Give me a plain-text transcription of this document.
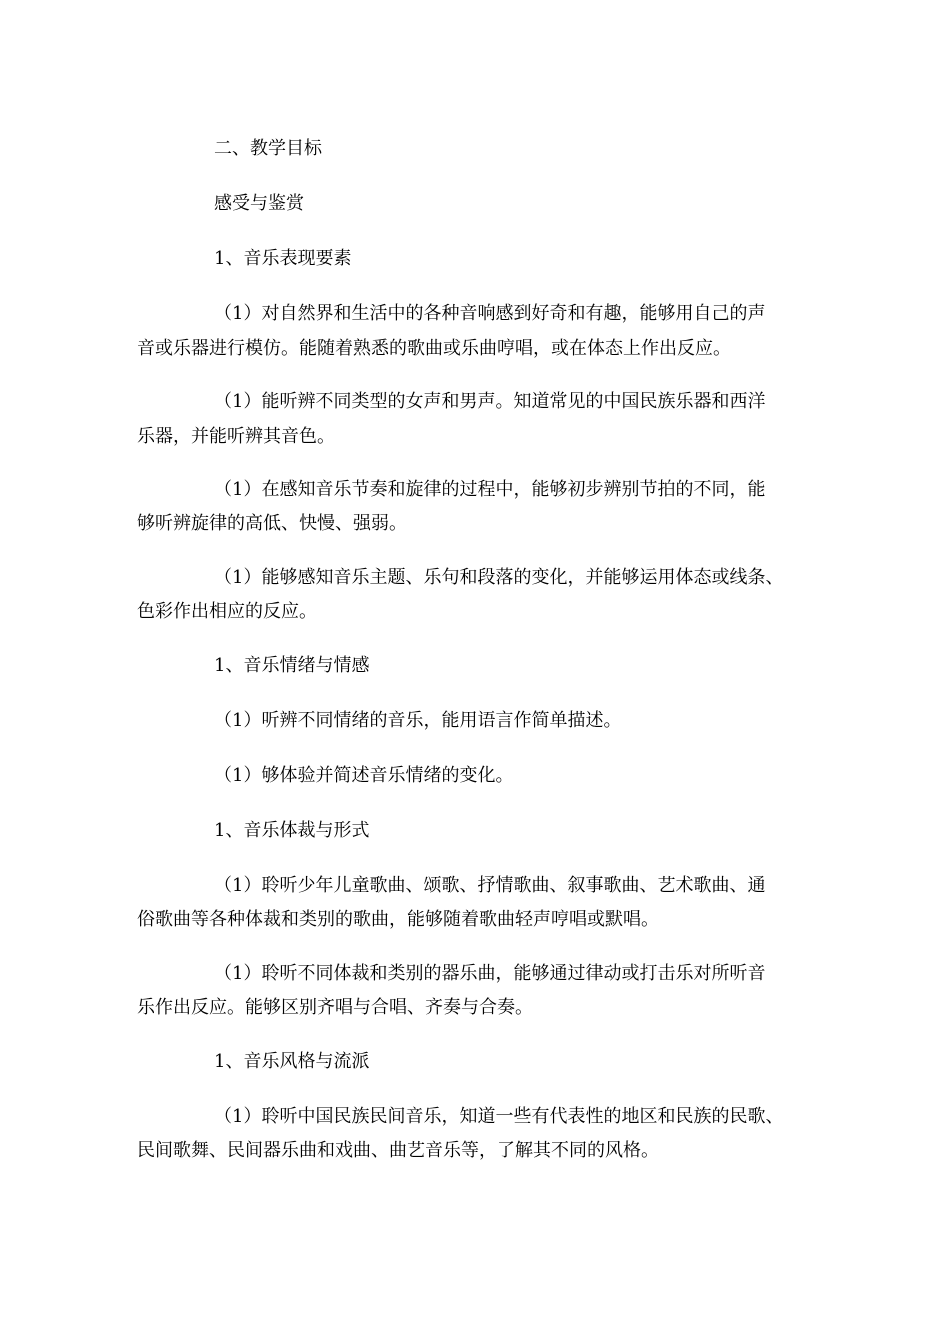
二、教学目标
感受与鉴赏
1、音乐表现要素
（1）对自然界和生活中的各种音响感到好奇和有趣，能够用自己的声
音或乐器进行模仿。能随着熟悉的歌曲或乐曲哼唱，或在体态上作出反应。
（1）能听辨不同类型的女声和男声。知道常见的中国民族乐器和西洋
乐器，并能听辨其音色。
（1）在感知音乐节奏和旋律的过程中，能够初步辨别节拍的不同，能
够听辨旋律的高低、快慢、强弱。
（1）能够感知音乐主题、乐句和段落的变化，并能够运用体态或线条、
色彩作出相应的反应。
1、音乐情绪与情感
（1）听辨不同情绪的音乐，能用语言作简单描述。
（1）够体验并简述音乐情绪的变化。
1、音乐体裁与形式
（1）聆听少年儿童歌曲、颂歌、抒情歌曲、叙事歌曲、艺术歌曲、通
俗歌曲等各种体裁和类别的歌曲，能够随着歌曲轻声哼唱或默唱。
（1）聆听不同体裁和类别的器乐曲，能够通过律动或打击乐对所听音
乐作出反应。能够区别齐唱与合唱、齐奏与合奏。
1、音乐风格与流派
（1）聆听中国民族民间音乐，知道一些有代表性的地区和民族的民歌、
民间歌舞、民间器乐曲和戏曲、曲艺音乐等，了解其不同的风格。
